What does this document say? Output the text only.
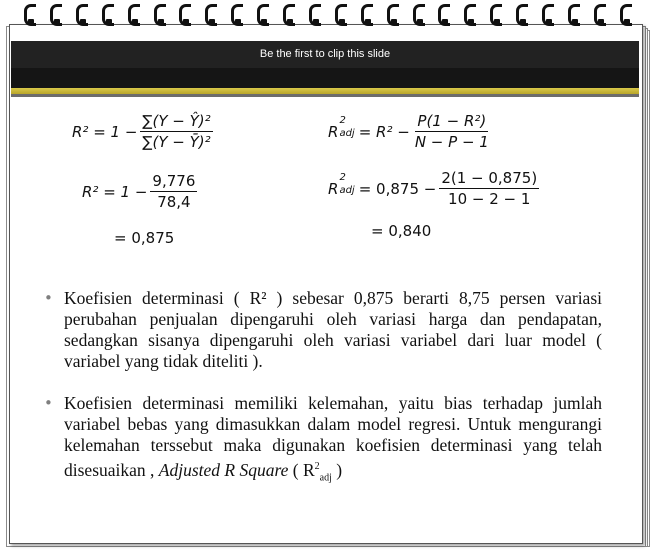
Be the first to clip this slide
$R^2 = 1 - \frac{\text{∑(Y − Ŷ)²}}{\text{∑(Y − Ȳ)²}}$
$R^2 = 1 - \frac{9,776}{78,4}$
= 0,875
R
2
adj = $R^2 - \frac{\text{P(1 − R²)}}{N - P - 1}$
R
2
adj = $0,875 - \frac{2(1 - 0,875)}{10 - 2 - 1}$
= 0,840
• Koefisien determinasi ( R² ) sebesar 0,875 berarti 8,75 persen variasi perubahan penjualan dipengaruhi oleh variasi harga dan pendapatan, sedangkan sisanya dipengaruhi oleh variasi variabel dari luar model ( variabel yang tidak diteliti ).
• Koefisien determinasi memiliki kelemahan, yaitu bias terhadap jumlah variabel bebas yang dimasukkan dalam model regresi. Untuk mengurangi kelemahan terssebut maka digunakan koefisien determinasi yang telah disesuaikan , Adjusted R Square ( $R^2_{adj}$ )
